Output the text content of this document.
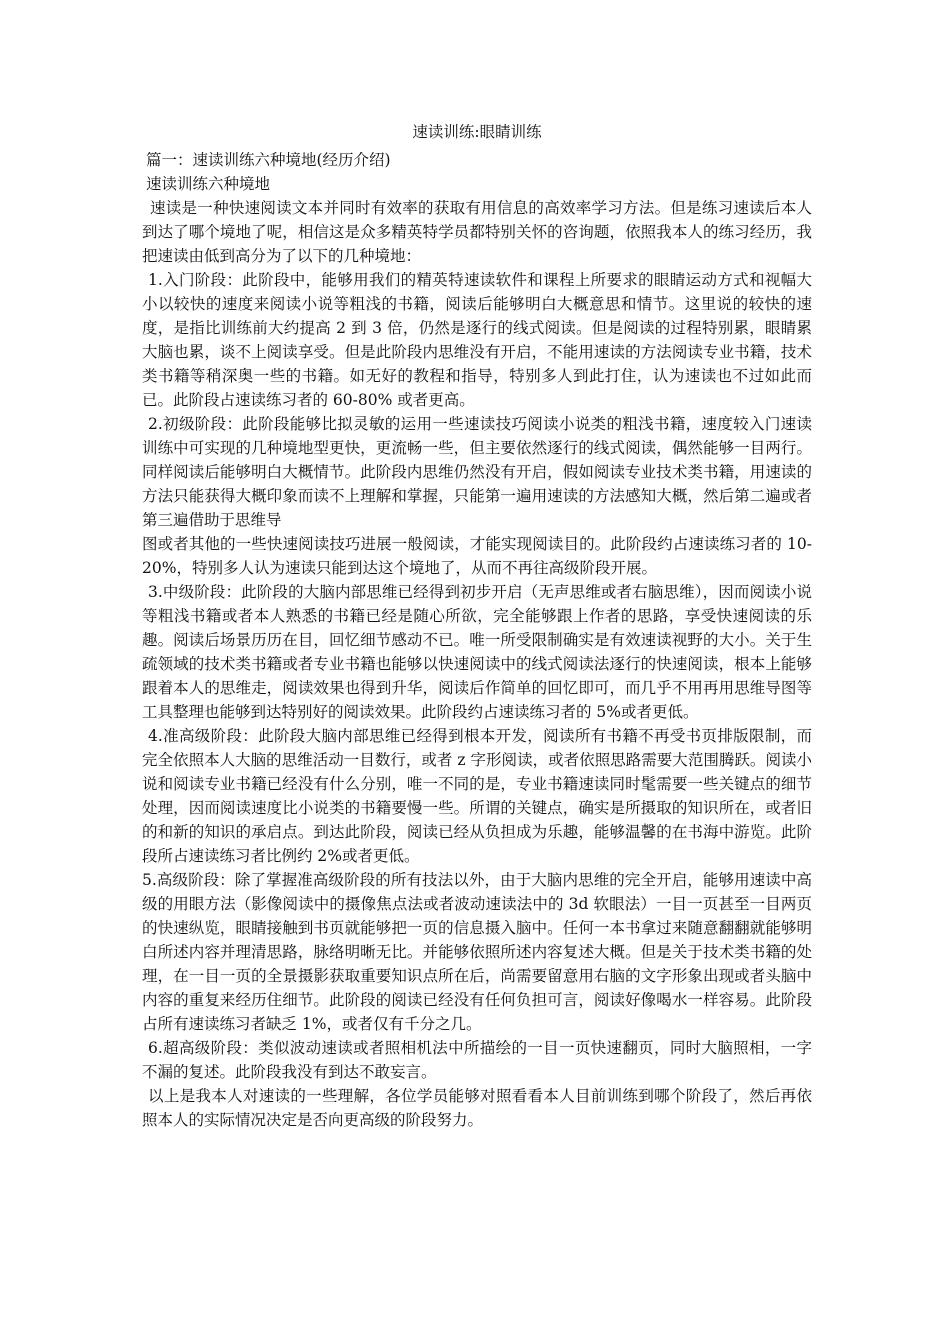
速读训练:眼睛训练

篇一：速读训练六种境地(经历介绍)

速读训练六种境地

速读是一种快速阅读文本并同时有效率的获取有用信息的高效率学习方法。但是练习速读后本人到达了哪个境地了呢，相信这是众多精英特学员都特别关怀的咨询题，依照我本人的练习经历，我把速读由低到高分为了以下的几种境地：

1.入门阶段：此阶段中，能够用我们的精英特速读软件和课程上所要求的眼睛运动方式和视幅大小以较快的速度来阅读小说等粗浅的书籍，阅读后能够明白大概意思和情节。这里说的较快的速度，是指比训练前大约提高 2 到 3 倍，仍然是逐行的线式阅读。但是阅读的过程特别累，眼睛累大脑也累，谈不上阅读享受。但是此阶段内思维没有开启，不能用速读的方法阅读专业书籍，技术类书籍等稍深奥一些的书籍。如无好的教程和指导，特别多人到此打住，认为速读也不过如此而已。此阶段占速读练习者的 60-80% 或者更高。

2.初级阶段：此阶段能够比拟灵敏的运用一些速读技巧阅读小说类的粗浅书籍，速度较入门速读训练中可实现的几种境地型更快，更流畅一些，但主要依然逐行的线式阅读，偶然能够一目两行。同样阅读后能够明白大概情节。此阶段内思维仍然没有开启，假如阅读专业技术类书籍，用速读的方法只能获得大概印象而读不上理解和掌握，只能第一遍用速读的方法感知大概，然后第二遍或者第三遍借助于思维导

图或者其他的一些快速阅读技巧进展一般阅读，才能实现阅读目的。此阶段约占速读练习者的 10-20%，特别多人认为速读只能到达这个境地了，从而不再往高级阶段开展。

3.中级阶段：此阶段的大脑内部思维已经得到初步开启（无声思维或者右脑思维），因而阅读小说等粗浅书籍或者本人熟悉的书籍已经是随心所欲，完全能够跟上作者的思路，享受快速阅读的乐趣。阅读后场景历历在目，回忆细节感动不已。唯一所受限制确实是有效速读视野的大小。关于生疏领域的技术类书籍或者专业书籍也能够以快速阅读中的线式阅读法逐行的快速阅读，根本上能够跟着本人的思维走，阅读效果也得到升华，阅读后作简单的回忆即可，而几乎不用再用思维导图等工具整理也能够到达特别好的阅读效果。此阶段约占速读练习者的 5%或者更低。

4.准高级阶段：此阶段大脑内部思维已经得到根本开发，阅读所有书籍不再受书页排版限制，而完全依照本人大脑的思维活动一目数行，或者 z 字形阅读，或者依照思路需要大范围腾跃。阅读小说和阅读专业书籍已经没有什么分别，唯一不同的是，专业书籍速读同时髦需要一些关键点的细节处理，因而阅读速度比小说类的书籍要慢一些。所谓的关键点，确实是所摄取的知识所在，或者旧的和新的知识的承启点。到达此阶段，阅读已经从负担成为乐趣，能够温馨的在书海中游览。此阶段所占速读练习者比例约 2%或者更低。

5.高级阶段：除了掌握准高级阶段的所有技法以外，由于大脑内思维的完全开启，能够用速读中高级的用眼方法（影像阅读中的摄像焦点法或者波动速读法中的 3d 软眼法）一目一页甚至一目两页的快速纵览，眼睛接触到书页就能够把一页的信息摄入脑中。任何一本书拿过来随意翻翻就能够明白所述内容并理清思路，脉络明晰无比。并能够依照所述内容复述大概。但是关于技术类书籍的处理，在一目一页的全景摄影获取重要知识点所在后，尚需要留意用右脑的文字形象出现或者头脑中内容的重复来经历住细节。此阶段的阅读已经没有任何负担可言，阅读好像喝水一样容易。此阶段占所有速读练习者缺乏 1%，或者仅有千分之几。

6.超高级阶段：类似波动速读或者照相机法中所描绘的一目一页快速翻页，同时大脑照相，一字不漏的复述。此阶段我没有到达不敢妄言。

以上是我本人对速读的一些理解，各位学员能够对照看看本人目前训练到哪个阶段了，然后再依照本人的实际情况决定是否向更高级的阶段努力。
